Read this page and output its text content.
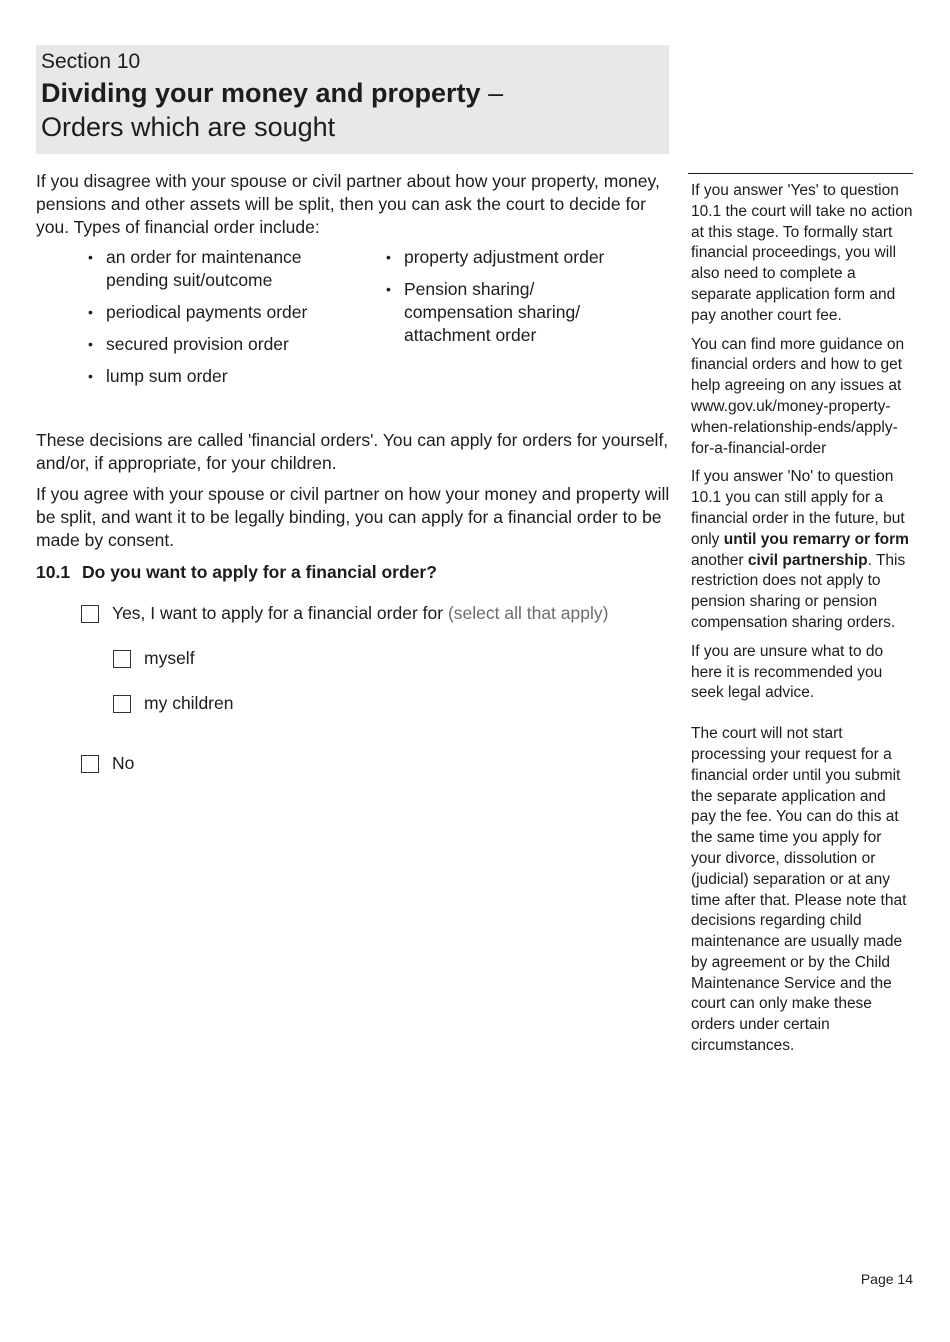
Section 10
Dividing your money and property –
Orders which are sought

If you disagree with your spouse or civil partner about how your property, money, pensions and other assets will be split, then you can ask the court to decide for you. Types of financial order include:

• an order for maintenance pending suit/outcome
• periodical payments order
• secured provision order
• lump sum order
• property adjustment order
• Pension sharing/ compensation sharing/ attachment order

These decisions are called 'financial orders'. You can apply for orders for yourself, and/or, if appropriate, for your children.

If you agree with your spouse or civil partner on how your money and property will be split, and want it to be legally binding, you can apply for a financial order to be made by consent.

10.1 Do you want to apply for a financial order?
Yes, I want to apply for a financial order for (select all that apply)
myself
my children
No

If you answer 'Yes' to question 10.1 the court will take no action at this stage. To formally start financial proceedings, you will also need to complete a separate application form and pay another court fee.

You can find more guidance on financial orders and how to get help agreeing on any issues at www.gov.uk/money-property-when-relationship-ends/apply-for-a-financial-order

If you answer 'No' to question 10.1 you can still apply for a financial order in the future, but only until you remarry or form another civil partnership. This restriction does not apply to pension sharing or pension compensation sharing orders.

If you are unsure what to do here it is recommended you seek legal advice.

The court will not start processing your request for a financial order until you submit the separate application and pay the fee. You can do this at the same time you apply for your divorce, dissolution or (judicial) separation or at any time after that. Please note that decisions regarding child maintenance are usually made by agreement or by the Child Maintenance Service and the court can only make these orders under certain circumstances.

Page 14
